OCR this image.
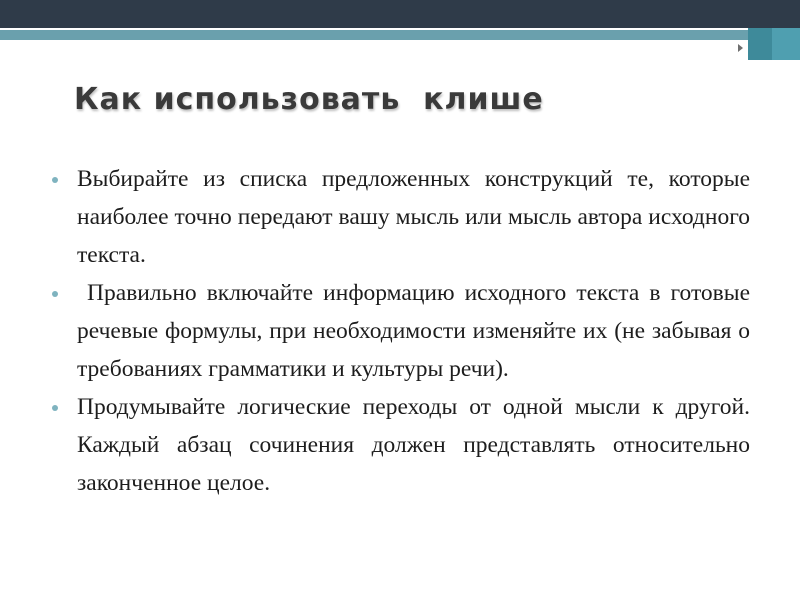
Как использовать  клише
Выбирайте из списка предложенных конструкций те, которые наиболее точно передают вашу мысль или мысль автора исходного текста.
Правильно включайте информацию исходного текста в готовые речевые формулы, при необходимости изменяйте их (не забывая о требованиях грамматики и культуры речи).
Продумывайте логические переходы от одной мысли к другой. Каждый абзац сочинения должен представлять относительно законченное целое.
